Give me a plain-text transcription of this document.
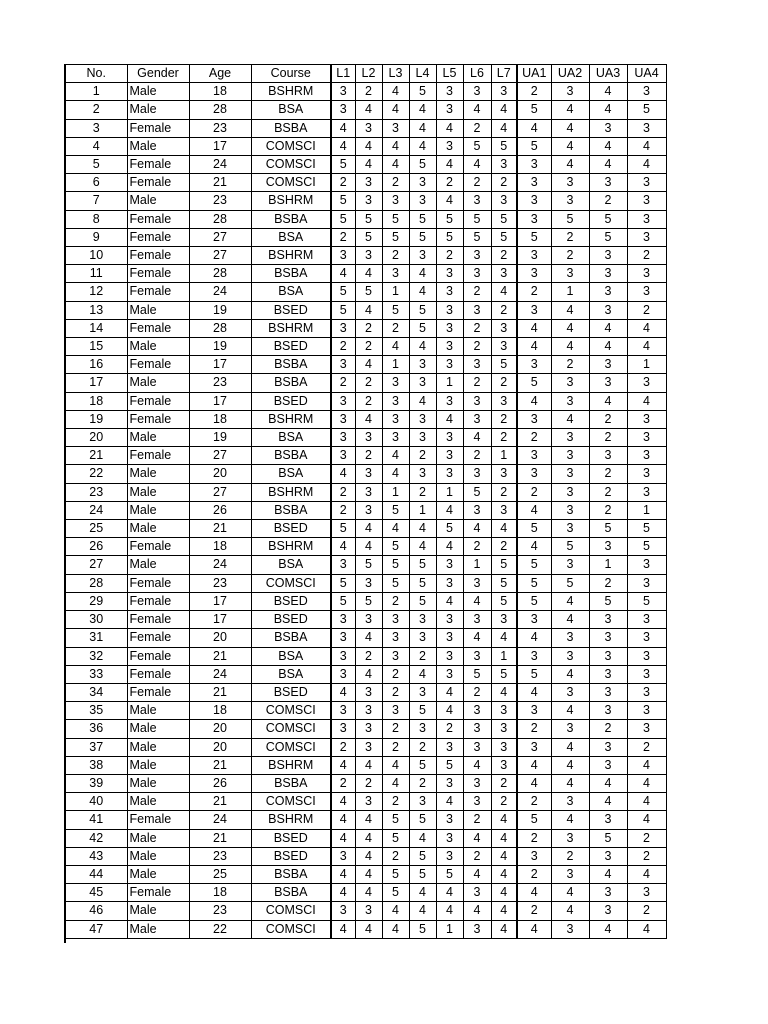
No.	Gender	Age	Course	L1	L2	L3	L4	L5	L6	L7	UA1	UA2	UA3	UA4
1	Male	18	BSHRM	3	2	4	5	3	3	3	2	3	4	3
2	Male	28	BSA	3	4	4	4	3	4	4	5	4	4	5
3	Female	23	BSBA	4	3	3	4	4	2	4	4	4	3	3
4	Male	17	COMSCI	4	4	4	4	3	5	5	5	4	4	4
5	Female	24	COMSCI	5	4	4	5	4	4	3	3	4	4	4
6	Female	21	COMSCI	2	3	2	3	2	2	2	3	3	3	3
7	Male	23	BSHRM	5	3	3	3	4	3	3	3	3	2	3
8	Female	28	BSBA	5	5	5	5	5	5	5	3	5	5	3
9	Female	27	BSA	2	5	5	5	5	5	5	5	2	5	3
10	Female	27	BSHRM	3	3	2	3	2	3	2	3	2	3	2
11	Female	28	BSBA	4	4	3	4	3	3	3	3	3	3	3
12	Female	24	BSA	5	5	1	4	3	2	4	2	1	3	3
13	Male	19	BSED	5	4	5	5	3	3	2	3	4	3	2
14	Female	28	BSHRM	3	2	2	5	3	2	3	4	4	4	4
15	Male	19	BSED	2	2	4	4	3	2	3	4	4	4	4
16	Female	17	BSBA	3	4	1	3	3	3	5	3	2	3	1
17	Male	23	BSBA	2	2	3	3	1	2	2	5	3	3	3
18	Female	17	BSED	3	2	3	4	3	3	3	4	3	4	4
19	Female	18	BSHRM	3	4	3	3	4	3	2	3	4	2	3
20	Male	19	BSA	3	3	3	3	3	4	2	2	3	2	3
21	Female	27	BSBA	3	2	4	2	3	2	1	3	3	3	3
22	Male	20	BSA	4	3	4	3	3	3	3	3	3	2	3
23	Male	27	BSHRM	2	3	1	2	1	5	2	2	3	2	3
24	Male	26	BSBA	2	3	5	1	4	3	3	4	3	2	1
25	Male	21	BSED	5	4	4	4	5	4	4	5	3	5	5
26	Female	18	BSHRM	4	4	5	4	4	2	2	4	5	3	5
27	Male	24	BSA	3	5	5	5	3	1	5	5	3	1	3
28	Female	23	COMSCI	5	3	5	5	3	3	5	5	5	2	3
29	Female	17	BSED	5	5	2	5	4	4	5	5	4	5	5
30	Female	17	BSED	3	3	3	3	3	3	3	3	4	3	3
31	Female	20	BSBA	3	4	3	3	3	4	4	4	3	3	3
32	Female	21	BSA	3	2	3	2	3	3	1	3	3	3	3
33	Female	24	BSA	3	4	2	4	3	5	5	5	4	3	3
34	Female	21	BSED	4	3	2	3	4	2	4	4	3	3	3
35	Male	18	COMSCI	3	3	3	5	4	3	3	3	4	3	3
36	Male	20	COMSCI	3	3	2	3	2	3	3	2	3	2	3
37	Male	20	COMSCI	2	3	2	2	3	3	3	3	4	3	2
38	Male	21	BSHRM	4	4	4	5	5	4	3	4	4	3	4
39	Male	26	BSBA	2	2	4	2	3	3	2	4	4	4	4
40	Male	21	COMSCI	4	3	2	3	4	3	2	2	3	4	4
41	Female	24	BSHRM	4	4	5	5	3	2	4	5	4	3	4
42	Male	21	BSED	4	4	5	4	3	4	4	2	3	5	2
43	Male	23	BSED	3	4	2	5	3	2	4	3	2	3	2
44	Male	25	BSBA	4	4	5	5	5	4	4	2	3	4	4
45	Female	18	BSBA	4	4	5	4	4	3	4	4	4	3	3
46	Male	23	COMSCI	3	3	4	4	4	4	4	2	4	3	2
47	Male	22	COMSCI	4	4	4	5	1	3	4	4	3	4	4
